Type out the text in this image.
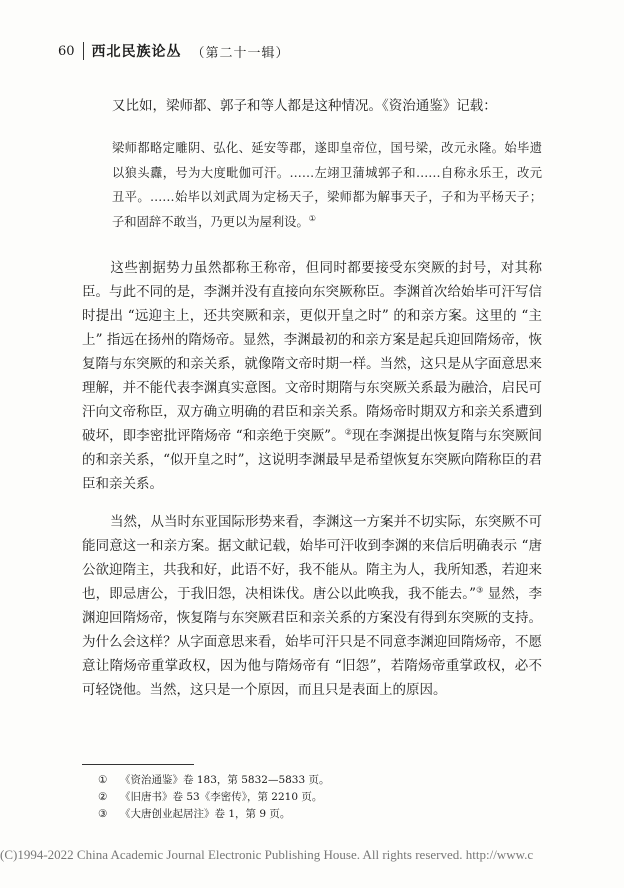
60 西北民族论丛 （第二十一辑）

又比如，梁师都、郭子和等人都是这种情况。《资治通鉴》记载：

梁师都略定雕阴、弘化、延安等郡，遂即皇帝位，国号梁，改元永隆。始毕遗以狼头纛，号为大度毗伽可汗。……左翊卫蒲城郭子和……自称永乐王，改元丑平。……始毕以刘武周为定杨天子，梁师都为解事天子，子和为平杨天子；子和固辞不敢当，乃更以为屋利设。①

这些割据势力虽然都称王称帝，但同时都要接受东突厥的封号，对其称臣。与此不同的是，李渊并没有直接向东突厥称臣。李渊首次给始毕可汗写信时提出 “远迎主上，还共突厥和亲，更似开皇之时” 的和亲方案。这里的 “主上” 指远在扬州的隋炀帝。显然，李渊最初的和亲方案是起兵迎回隋炀帝，恢复隋与东突厥的和亲关系，就像隋文帝时期一样。当然，这只是从字面意思来理解，并不能代表李渊真实意图。文帝时期隋与东突厥关系最为融洽，启民可汗向文帝称臣，双方确立明确的君臣和亲关系。隋炀帝时期双方和亲关系遭到破坏，即李密批评隋炀帝 “和亲绝于突厥”。②现在李渊提出恢复隋与东突厥间的和亲关系，“似开皇之时”，这说明李渊最早是希望恢复东突厥向隋称臣的君臣和亲关系。

当然，从当时东亚国际形势来看，李渊这一方案并不切实际，东突厥不可能同意这一和亲方案。据文献记载，始毕可汗收到李渊的来信后明确表示 “唐公欲迎隋主，共我和好，此语不好，我不能从。隋主为人，我所知悉，若迎来也，即忌唐公，于我旧怨，决相诛伐。唐公以此唤我，我不能去。”③ 显然，李渊迎回隋炀帝，恢复隋与东突厥君臣和亲关系的方案没有得到东突厥的支持。为什么会这样？从字面意思来看，始毕可汗只是不同意李渊迎回隋炀帝，不愿意让隋炀帝重掌政权，因为他与隋炀帝有 “旧怨”，若隋炀帝重掌政权，必不可轻饶他。当然，这只是一个原因，而且只是表面上的原因。

①	《资治通鉴》卷 183，第 5832—5833 页。
②	《旧唐书》卷 53《李密传》，第 2210 页。
③	《大唐创业起居注》卷 1，第 9 页。
(C)1994-2022 China Academic Journal Electronic Publishing House. All rights reserved. http://www.c
